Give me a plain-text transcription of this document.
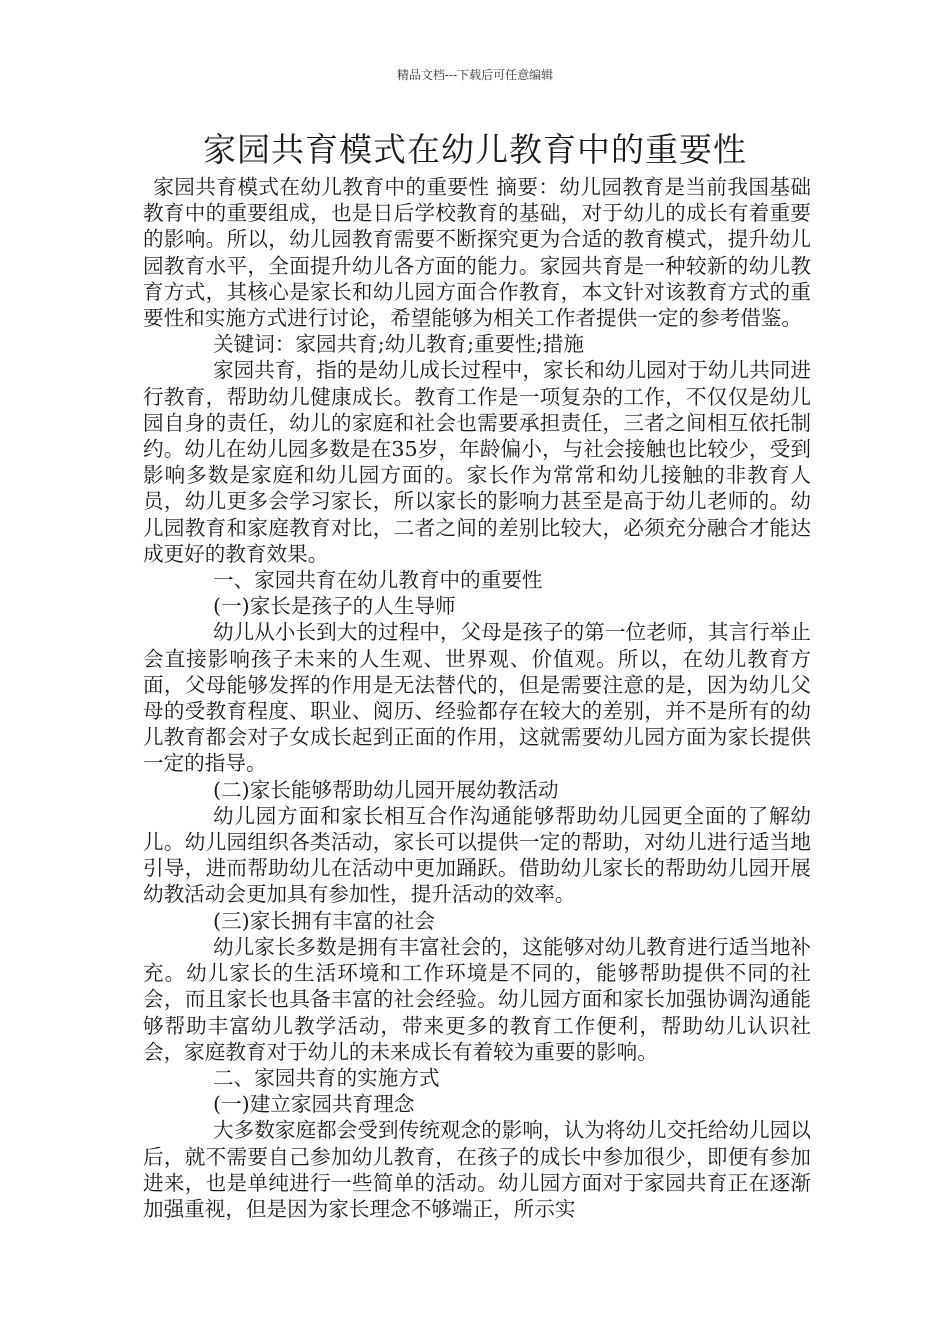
精品文档---下载后可任意编辑
家园共育模式在幼儿教育中的重要性

家园共育模式在幼儿教育中的重要性 摘要：幼儿园教育是当前我国基础教育中的重要组成，也是日后学校教育的基础，对于幼儿的成长有着重要的影响。所以，幼儿园教育需要不断探究更为合适的教育模式，提升幼儿园教育水平，全面提升幼儿各方面的能力。家园共育是一种较新的幼儿教育方式，其核心是家长和幼儿园方面合作教育，本文针对该教育方式的重要性和实施方式进行讨论，希望能够为相关工作者提供一定的参考借鉴。

关键词：家园共育;幼儿教育;重要性;措施

家园共育，指的是幼儿成长过程中，家长和幼儿园对于幼儿共同进行教育，帮助幼儿健康成长。教育工作是一项复杂的工作，不仅仅是幼儿园自身的责任，幼儿的家庭和社会也需要承担责任，三者之间相互依托制约。幼儿在幼儿园多数是在35岁，年龄偏小，与社会接触也比较少，受到影响多数是家庭和幼儿园方面的。家长作为常常和幼儿接触的非教育人员，幼儿更多会学习家长，所以家长的影响力甚至是高于幼儿老师的。幼儿园教育和家庭教育对比，二者之间的差别比较大，必须充分融合才能达成更好的教育效果。

一、家园共育在幼儿教育中的重要性

(一)家长是孩子的人生导师

幼儿从小长到大的过程中，父母是孩子的第一位老师，其言行举止会直接影响孩子未来的人生观、世界观、价值观。所以，在幼儿教育方面，父母能够发挥的作用是无法替代的，但是需要注意的是，因为幼儿父母的受教育程度、职业、阅历、经验都存在较大的差别，并不是所有的幼儿教育都会对子女成长起到正面的作用，这就需要幼儿园方面为家长提供一定的指导。

(二)家长能够帮助幼儿园开展幼教活动

幼儿园方面和家长相互合作沟通能够帮助幼儿园更全面的了解幼儿。幼儿园组织各类活动，家长可以提供一定的帮助，对幼儿进行适当地引导，进而帮助幼儿在活动中更加踊跃。借助幼儿家长的帮助幼儿园开展幼教活动会更加具有参加性，提升活动的效率。

(三)家长拥有丰富的社会

幼儿家长多数是拥有丰富社会的，这能够对幼儿教育进行适当地补充。幼儿家长的生活环境和工作环境是不同的，能够帮助提供不同的社会，而且家长也具备丰富的社会经验。幼儿园方面和家长加强协调沟通能够帮助丰富幼儿教学活动，带来更多的教育工作便利，帮助幼儿认识社会，家庭教育对于幼儿的未来成长有着较为重要的影响。

二、家园共育的实施方式

(一)建立家园共育理念

大多数家庭都会受到传统观念的影响，认为将幼儿交托给幼儿园以后，就不需要自己参加幼儿教育，在孩子的成长中参加很少，即便有参加进来，也是单纯进行一些简单的活动。幼儿园方面对于家园共育正在逐渐加强重视，但是因为家长理念不够端正，所示实
